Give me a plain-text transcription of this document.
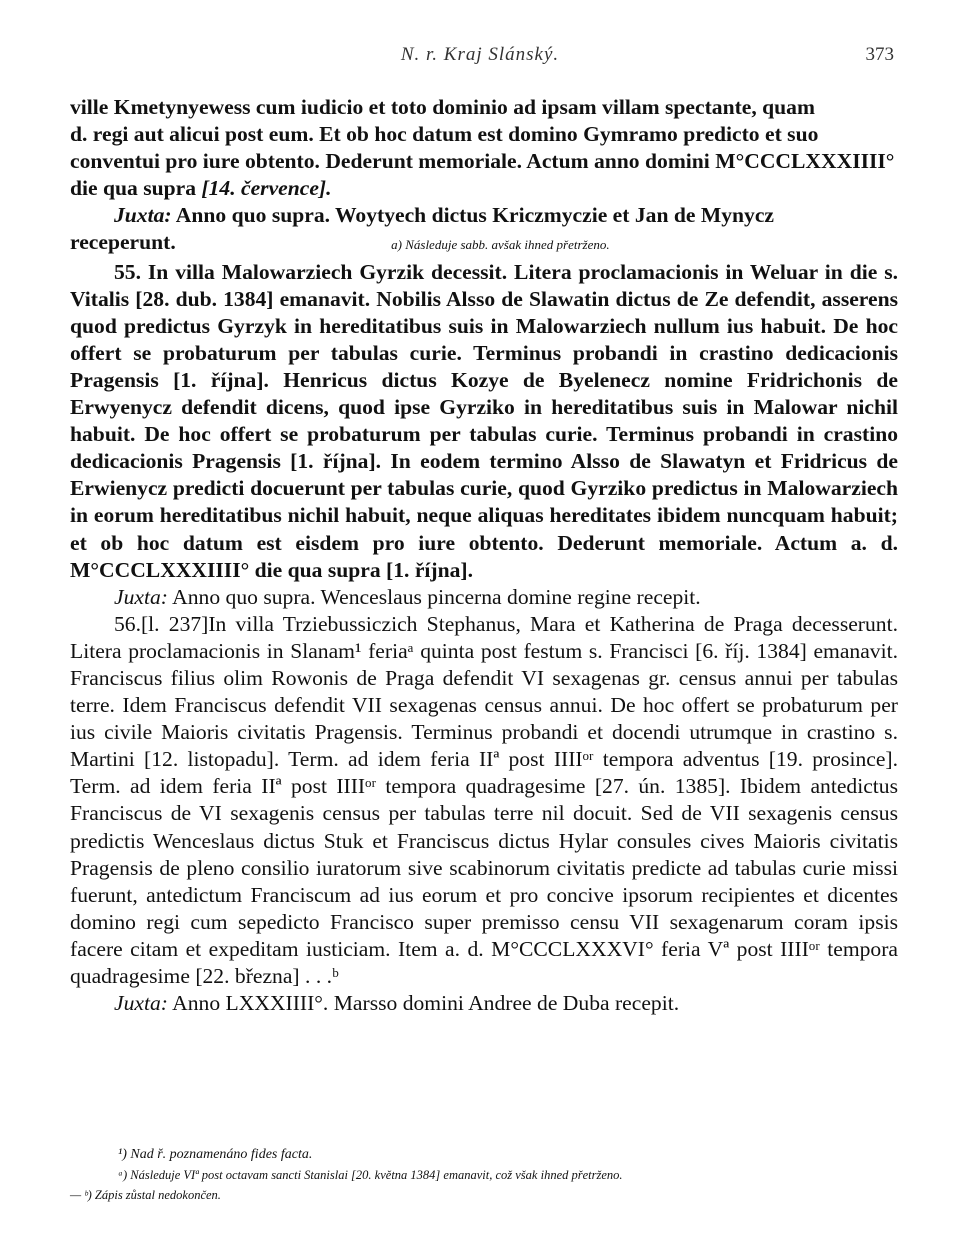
N. r. Kraj Slánský.	373

ville Kmetynyewess cum iudicio et toto dominio ad ipsam villam spectante, quam

d. regi aut alicui post eum. Et ob hoc datum est domino Gymramo predicto et suo

conventui pro iure obtento. Dederunt memoriale. Actum anno domini M°CCCLXXXIIII°

die qua supra [14. července].

Juxta: Anno quo supra. Woytyech dictus Kriczmyczie et Jan de Mynycz

receperunt.	a) Následuje sabb. avšak ihned přetrženo.

55. In villa Malowarziech Gyrzik decessit. Litera proclamacionis in Weluar in die s. Vitalis [28. dub. 1384] emanavit. Nobilis Alsso de Slawatin dictus de Ze defendit, asserens quod predictus Gyrzyk in hereditatibus suis in Malowarziech nullum ius habuit. De hoc offert se probaturum per tabulas curie. Terminus probandi in crastino dedicacionis Pragensis [1. října]. Henricus dictus Kozye de Byelenecz nomine Fridrichonis de Erwyenycz defendit dicens, quod ipse Gyrziko in hereditatibus suis in Malowar nichil habuit. De hoc offert se probaturum per tabulas curie. Terminus probandi in crastino dedicacionis Pragensis [1. října]. In eodem termino Alsso de Slawatyn et Fridricus de Erwienycz predicti docuerunt per tabulas curie, quod Gyrziko predictus in Malowarziech in eorum hereditatibus nichil habuit, neque aliquas hereditates ibidem nuncquam habuit; et ob hoc datum est eisdem pro iure obtento. Dederunt memoriale. Actum a. d. M°CCCLXXXIIII° die qua supra [1. října].

Juxta: Anno quo supra. Wenceslaus pincerna domine regine recepit.

56.[l. 237]In villa Trziebussiczich Stephanus, Mara et Katherina de Praga decesserunt. Litera proclamacionis in Slanam¹ feriaᵃ quinta post festum s. Francisci [6. říj. 1384] emanavit. Franciscus filius olim Rowonis de Praga defendit VI sexagenas gr. census annui per tabulas terre. Idem Franciscus defendit VII sexagenas census annui. De hoc offert se probaturum per ius civile Maioris civitatis Pragensis. Terminus probandi et docendi utrumque in crastino s. Martini [12. listopadu]. Term. ad idem feria IIª post IIIIᵒʳ tempora adventus [19. prosince]. Term. ad idem feria IIª post IIIIᵒʳ tempora quadragesime [27. ún. 1385]. Ibidem antedictus Franciscus de VI sexagenis census per tabulas terre nil docuit. Sed de VII sexagenis census predictis Wenceslaus dictus Stuk et Franciscus dictus Hylar consules cives Maioris civitatis Pragensis de pleno consilio iuratorum sive scabinorum civitatis predicte ad tabulas curie missi fuerunt, antedictum Franciscum ad ius eorum et pro concive ipsorum recipientes et dicentes domino regi cum sepedicto Francisco super premisso censu VII sexagenarum coram ipsis facere citam et expeditam iusticiam. Item a. d. M°CCCLXXXVI° feria Vª post IIIIᵒʳ tempora quadragesime [22. března] . . .ᵇ

Juxta: Anno LXXXIIII°. Marsso domini Andree de Duba recepit.

¹) Nad ř. poznamenáno fides facta.
ᵃ) Následuje VIª post octavam sancti Stanislai [20. května 1384] emanavit, což však ihned přetrženo.
— ᵇ) Zápis zůstal nedokončen.
